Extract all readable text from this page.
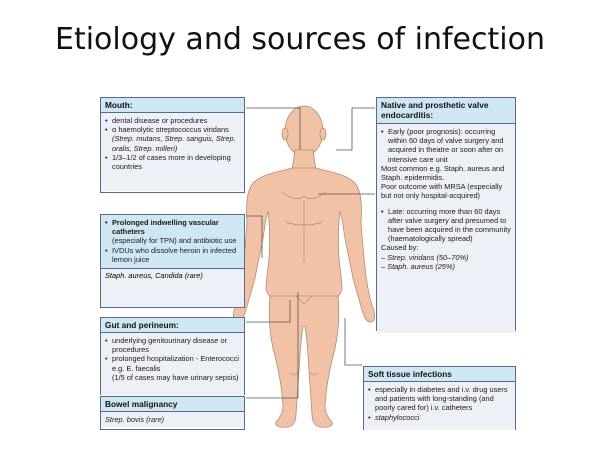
Etiology and sources of infection
Mouth:
• dental disease or procedures
• α haemolytic streptococcus viridans

(Strep. mutans, Strep. sanguis, Strep. oralis, Strep. milleri)

• 1/3–1/2 of cases more in developing countries
• Prolonged indwelling vascular catheters

(especially for TPN) and antibiotic use

• IVDUs who dissolve heroin in infected lemon juice
Staph. aureus, Candida (rare)
Gut and perineum:
• underlying genitourinary disease or procedures
• prolonged hospitalization - Enterococci e.g. E. faecalis

(1/5 of cases may have urinary sepsis)

Bowel malignancy
Strep. bovis (rare)
Native and prosthetic valve endocarditis:
• Early (poor prognosis): occurring within 60 days of valve surgery and acquired in theatre or soon after on intensive care unit

Most common e.g. Staph. aureus and Staph. epidermidis.

Poor outcome with MRSA (especially but not only hospital-acquired)

• Late: occurring more than 60 days after valve surgery and presumed to have been acquired in the community (haematologically spread)

Caused by:

– Strep. viridans (50–70%)

– Staph. aureus (25%)

Soft tissue infections
• especially in diabetes and i.v. drug users and patients with long-standing (and poorly cared for) i.v. catheters
• staphylococci
